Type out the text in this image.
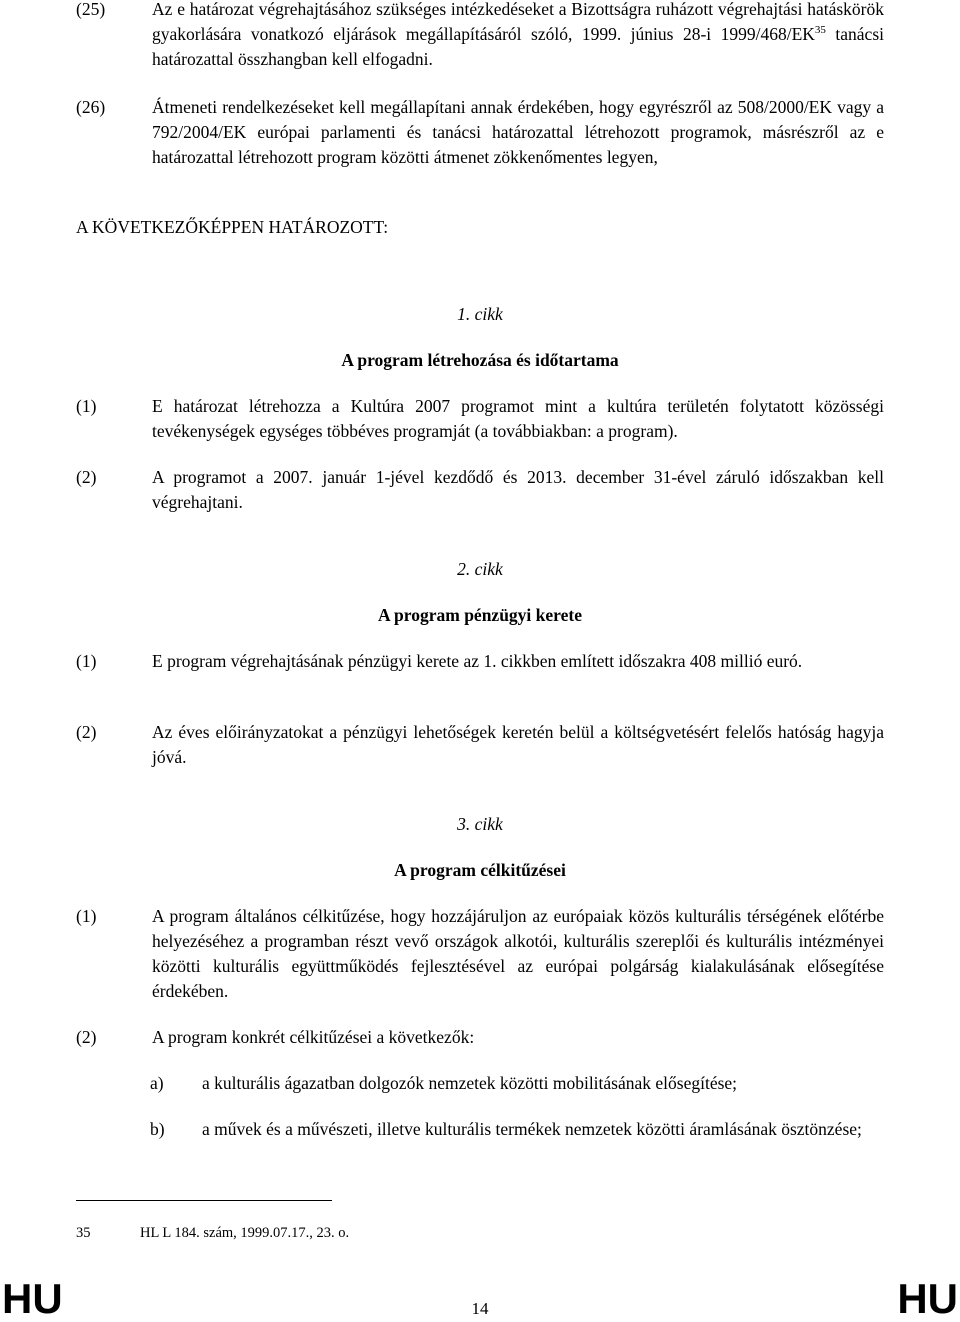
(25)	Az e határozat végrehajtásához szükséges intézkedéseket a Bizottságra ruházott végrehajtási hatáskörök gyakorlására vonatkozó eljárások megállapításáról szóló, 1999. június 28-i 1999/468/EK$^{35}$ tanácsi határozattal összhangban kell elfogadni.
(26)	Átmeneti rendelkezéseket kell megállapítani annak érdekében, hogy egyrészről az 508/2000/EK vagy a 792/2004/EK európai parlamenti és tanácsi határozattal létrehozott programok, másrészről az e határozattal létrehozott program közötti átmenet zökkenőmentes legyen,
A KÖVETKEZŐKÉPPEN HATÁROZOTT:
1. cikk
A program létrehozása és időtartama
(1)	E határozat létrehozza a Kultúra 2007 programot mint a kultúra területén folytatott közösségi tevékenységek egységes többéves programját (a továbbiakban: a program).
(2)	A programot a 2007. január 1-jével kezdődő és 2013. december 31-ével záruló időszakban kell végrehajtani.
2. cikk
A program pénzügyi kerete
(1)	E program végrehajtásának pénzügyi kerete az 1. cikkben említett időszakra 408 millió euró.
(2)	Az éves előirányzatokat a pénzügyi lehetőségek keretén belül a költségvetésért felelős hatóság hagyja jóvá.
3. cikk
A program célkitűzései
(1)	A program általános célkitűzése, hogy hozzájáruljon az európaiak közös kulturális térségének előtérbe helyezéséhez a programban részt vevő országok alkotói, kulturális szereplői és kulturális intézményei közötti kulturális együttműködés fejlesztésével az európai polgárság kialakulásának elősegítése érdekében.
(2)	A program konkrét célkitűzései a következők:
a) a kulturális ágazatban dolgozók nemzetek közötti mobilitásának elősegítése;
b) a művek és a művészeti, illetve kulturális termékek nemzetek közötti áramlásának ösztönzése;
35	HL L 184. szám, 1999.07.17., 23. o.
HU	14	HU
